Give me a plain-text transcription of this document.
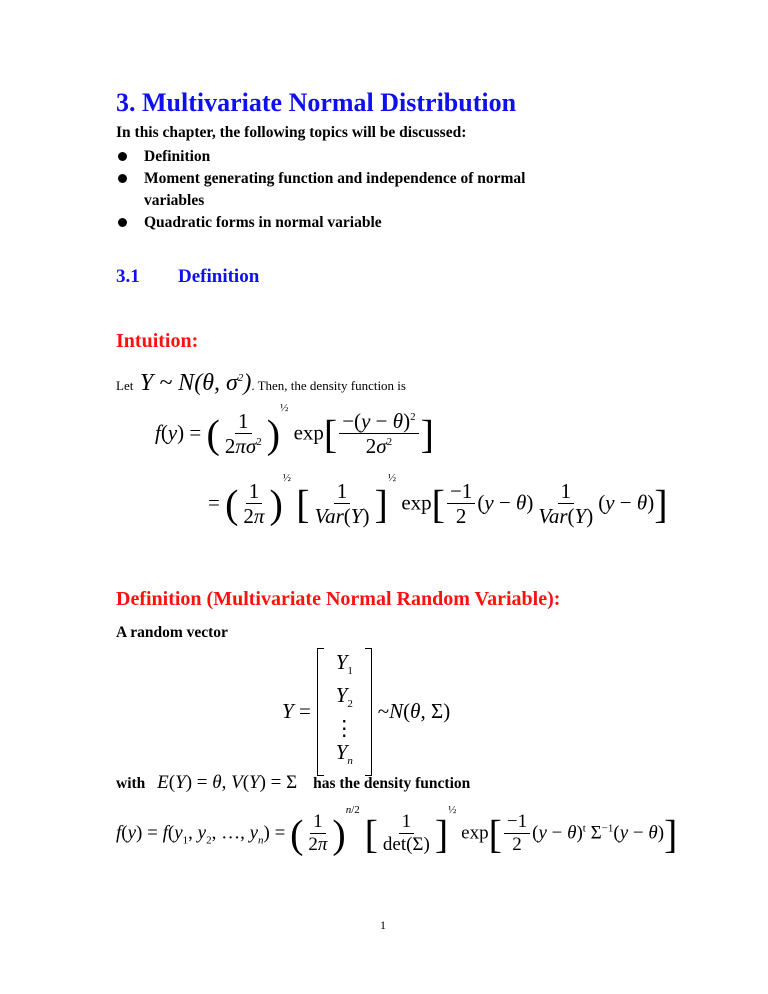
3. Multivariate Normal Distribution
In this chapter, the following topics will be discussed:
Definition
Moment generating function and independence of normal
variables
Quadratic forms in normal variable
3.1 Definition
Intuition:
Let Y ~ N(θ, $\sigma^2$). Then, the density function is
f(y) = ( $\frac{1}{2\pi\sigma^2} )^{\frac{1}{2}}$ $\exp[ \frac{-(y - \theta)^2}{2\sigma^2}$ ]
= ( $\frac{1}{2\pi} )^{\frac{1}{2}}$ [ $\frac{1}{\text{Var(Y)}} ]^{\frac{1}{2}}$ $\exp[ \frac{-1}{2} (y - \theta) \frac{1}{\text{Var(Y)}} (y - \theta)]$
Definition (Multivariate Normal Random Variable):
A random vector
Y =
$Y_1$
$Y_2$
⋮
$Y_n$
~ N ( θ , Σ)
with E(Y) = θ, V(Y) = Σ has the density function
$f(y) = f(y_1$, $y_2$, …, $y_n$) = ( $\frac{1}{2\pi} )^{n/2}$ [ $\frac{1}{\det(\Sigma)} ]^{\frac{1}{2}}$ $\exp[ \frac{-1}{2} (y - \theta)^t$ $\Sigma^{-1}(y - \theta)$]
1
